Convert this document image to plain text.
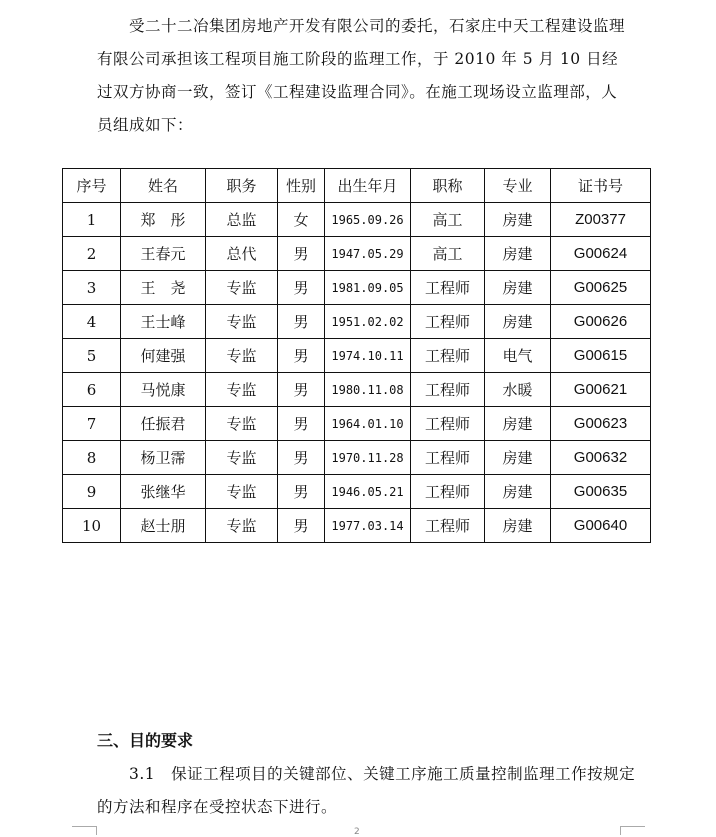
受二十二冶集团房地产开发有限公司的委托，石家庄中天工程建设监理有限公司承担该工程项目施工阶段的监理工作，于 2010 年 5 月 10 日经过双方协商一致，签订《工程建设监理合同》。在施工现场设立监理部，人员组成如下：

序号	姓名	职务	性别	出生年月	职称	专业	证书号
1	郑　彤	总监	女	1965.09.26	高工	房建	Z00377
2	王春元	总代	男	1947.05.29	高工	房建	G00624
3	王　尧	专监	男	1981.09.05	工程师	房建	G00625
4	王士峰	专监	男	1951.02.02	工程师	房建	G00626
5	何建强	专监	男	1974.10.11	工程师	电气	G00615
6	马悦康	专监	男	1980.11.08	工程师	水暖	G00621
7	任振君	专监	男	1964.01.10	工程师	房建	G00623
8	杨卫霈	专监	男	1970.11.28	工程师	房建	G00632
9	张继华	专监	男	1946.05.21	工程师	房建	G00635
10	赵士朋	专监	男	1977.03.14	工程师	房建	G00640
三、目的要求

3.1　保证工程项目的关键部位、关键工序施工质量控制监理工作按规定的方法和程序在受控状态下进行。

2
